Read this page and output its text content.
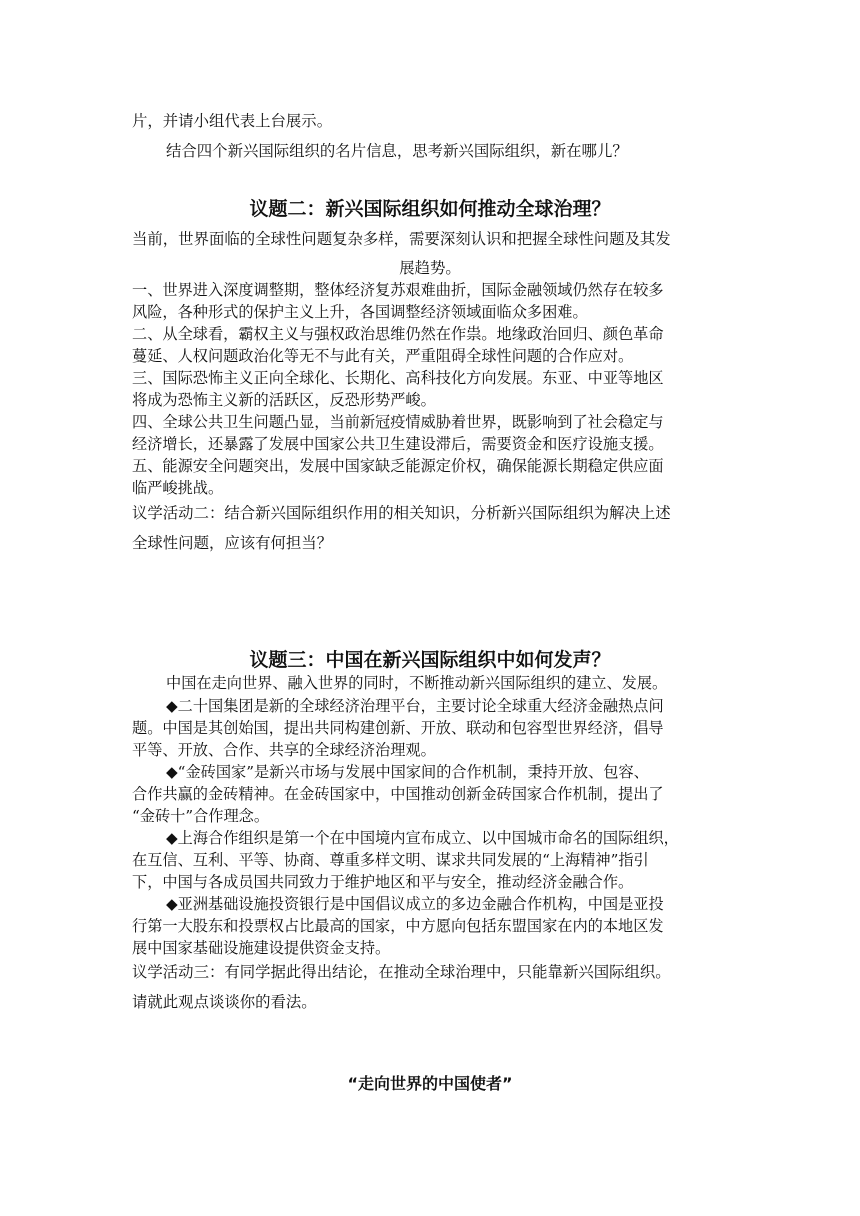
片，并请小组代表上台展示。
结合四个新兴国际组织的名片信息，思考新兴国际组织，新在哪儿？
议题二：新兴国际组织如何推动全球治理？
当前，世界面临的全球性问题复杂多样，需要深刻认识和把握全球性问题及其发
展趋势。
一、世界进入深度调整期，整体经济复苏艰难曲折，国际金融领域仍然存在较多
风险，各种形式的保护主义上升，各国调整经济领域面临众多困难。
二、从全球看，霸权主义与强权政治思维仍然在作祟。地缘政治回归、颜色革命
蔓延、人权问题政治化等无不与此有关，严重阻碍全球性问题的合作应对。
三、国际恐怖主义正向全球化、长期化、高科技化方向发展。东亚、中亚等地区
将成为恐怖主义新的活跃区，反恐形势严峻。
四、全球公共卫生问题凸显，当前新冠疫情威胁着世界，既影响到了社会稳定与
经济增长，还暴露了发展中国家公共卫生建设滞后，需要资金和医疗设施支援。
五、能源安全问题突出，发展中国家缺乏能源定价权，确保能源长期稳定供应面
临严峻挑战。
议学活动二：结合新兴国际组织作用的相关知识，分析新兴国际组织为解决上述
全球性问题，应该有何担当？
议题三：中国在新兴国际组织中如何发声？
中国在走向世界、融入世界的同时，不断推动新兴国际组织的建立、发展。
◆二十国集团是新的全球经济治理平台，主要讨论全球重大经济金融热点问
题。中国是其创始国，提出共同构建创新、开放、联动和包容型世界经济，倡导
平等、开放、合作、共享的全球经济治理观。
◆“金砖国家”是新兴市场与发展中国家间的合作机制，秉持开放、包容、
合作共赢的金砖精神。在金砖国家中，中国推动创新金砖国家合作机制，提出了
“金砖十”合作理念。
◆上海合作组织是第一个在中国境内宣布成立、以中国城市命名的国际组织，
在互信、互利、平等、协商、尊重多样文明、谋求共同发展的“上海精神”指引
下，中国与各成员国共同致力于维护地区和平与安全，推动经济金融合作。
◆亚洲基础设施投资银行是中国倡议成立的多边金融合作机构，中国是亚投
行第一大股东和投票权占比最高的国家，中方愿向包括东盟国家在内的本地区发
展中国家基础设施建设提供资金支持。
议学活动三：有同学据此得出结论，在推动全球治理中，只能靠新兴国际组织。
请就此观点谈谈你的看法。
“走向世界的中国使者”
